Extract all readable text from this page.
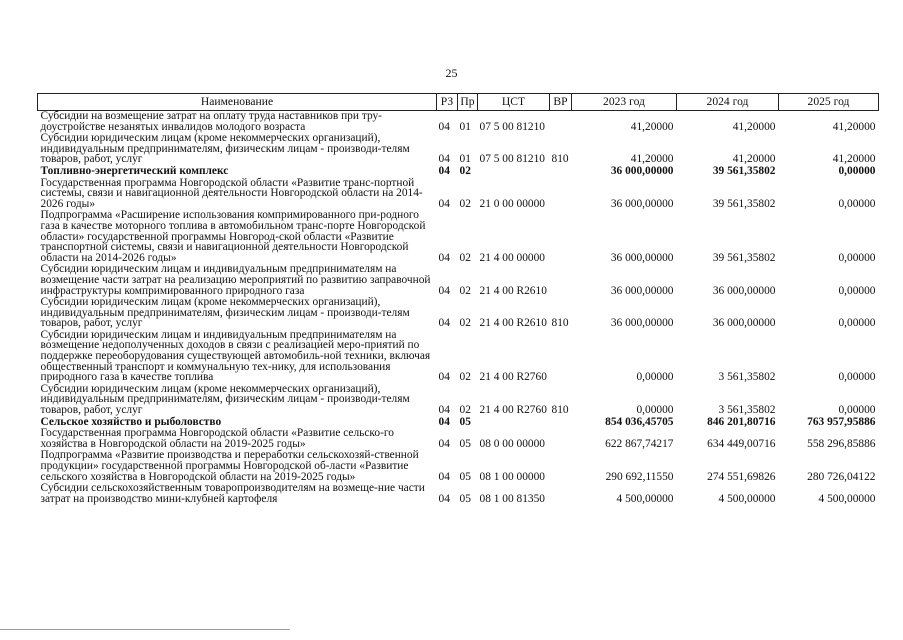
25
Наименование	РЗ	Пр	ЦСТ	ВР	2023 год	2024 год	2025 год
Субсидии на возмещение затрат на оплату труда наставников при тру-доустройстве незанятых инвалидов молодого возраста	04	01	07 5 00 81210		41,20000	41,20000	41,20000
Субсидии юридическим лицам (кроме некоммерческих организаций), индивидуальным предпринимателям, физическим лицам - производи-телям товаров, работ, услуг	04	01	07 5 00 81210	810	41,20000	41,20000	41,20000
Топливно-энергетический комплекс	04	02			36 000,00000	39 561,35802	0,00000
Государственная программа Новгородской области «Развитие транс-портной системы, связи и навигационной деятельности Новгородской области на 2014-2026 годы»	04	02	21 0 00 00000		36 000,00000	39 561,35802	0,00000
Подпрограмма «Расширение использования компримированного при-родного газа в качестве моторного топлива в автомобильном транс-порте Новгородской области» государственной программы Новгород-ской области «Развитие транспортной системы, связи и навигационной деятельности Новгородской области на 2014-2026 годы»	04	02	21 4 00 00000		36 000,00000	39 561,35802	0,00000
Субсидии юридическим лицам и индивидуальным предпринимателям на возмещение части затрат на реализацию мероприятий по развитию заправочной инфраструктуры компримированного природного газа	04	02	21 4 00 R2610		36 000,00000	36 000,00000	0,00000
Субсидии юридическим лицам (кроме некоммерческих организаций), индивидуальным предпринимателям, физическим лицам - производи-телям товаров, работ, услуг	04	02	21 4 00 R2610	810	36 000,00000	36 000,00000	0,00000
Субсидии юридическим лицам и индивидуальным предпринимателям на возмещение недополученных доходов в связи с реализацией меро-приятий по поддержке переоборудования существующей автомобиль-ной техники, включая общественный транспорт и коммунальную тех-нику, для использования природного газа в качестве топлива	04	02	21 4 00 R2760		0,00000	3 561,35802	0,00000
Субсидии юридическим лицам (кроме некоммерческих организаций), индивидуальным предпринимателям, физическим лицам - производи-телям товаров, работ, услуг	04	02	21 4 00 R2760	810	0,00000	3 561,35802	0,00000
Сельское хозяйство и рыболовство	04	05			854 036,45705	846 201,80716	763 957,95886
Государственная программа Новгородской области «Развитие сельско-го хозяйства в Новгородской области на 2019-2025 годы»	04	05	08 0 00 00000		622 867,74217	634 449,00716	558 296,85886
Подпрограмма «Развитие производства и переработки сельскохозяй-ственной продукции» государственной программы Новгородской об-ласти «Развитие сельского хозяйства в Новгородской области на 2019-2025 годы»	04	05	08 1 00 00000		290 692,11550	274 551,69826	280 726,04122
Субсидии сельскохозяйственным товаропроизводителям на возмеще-ние части затрат на производство мини-клубней картофеля	04	05	08 1 00 81350		4 500,00000	4 500,00000	4 500,00000
